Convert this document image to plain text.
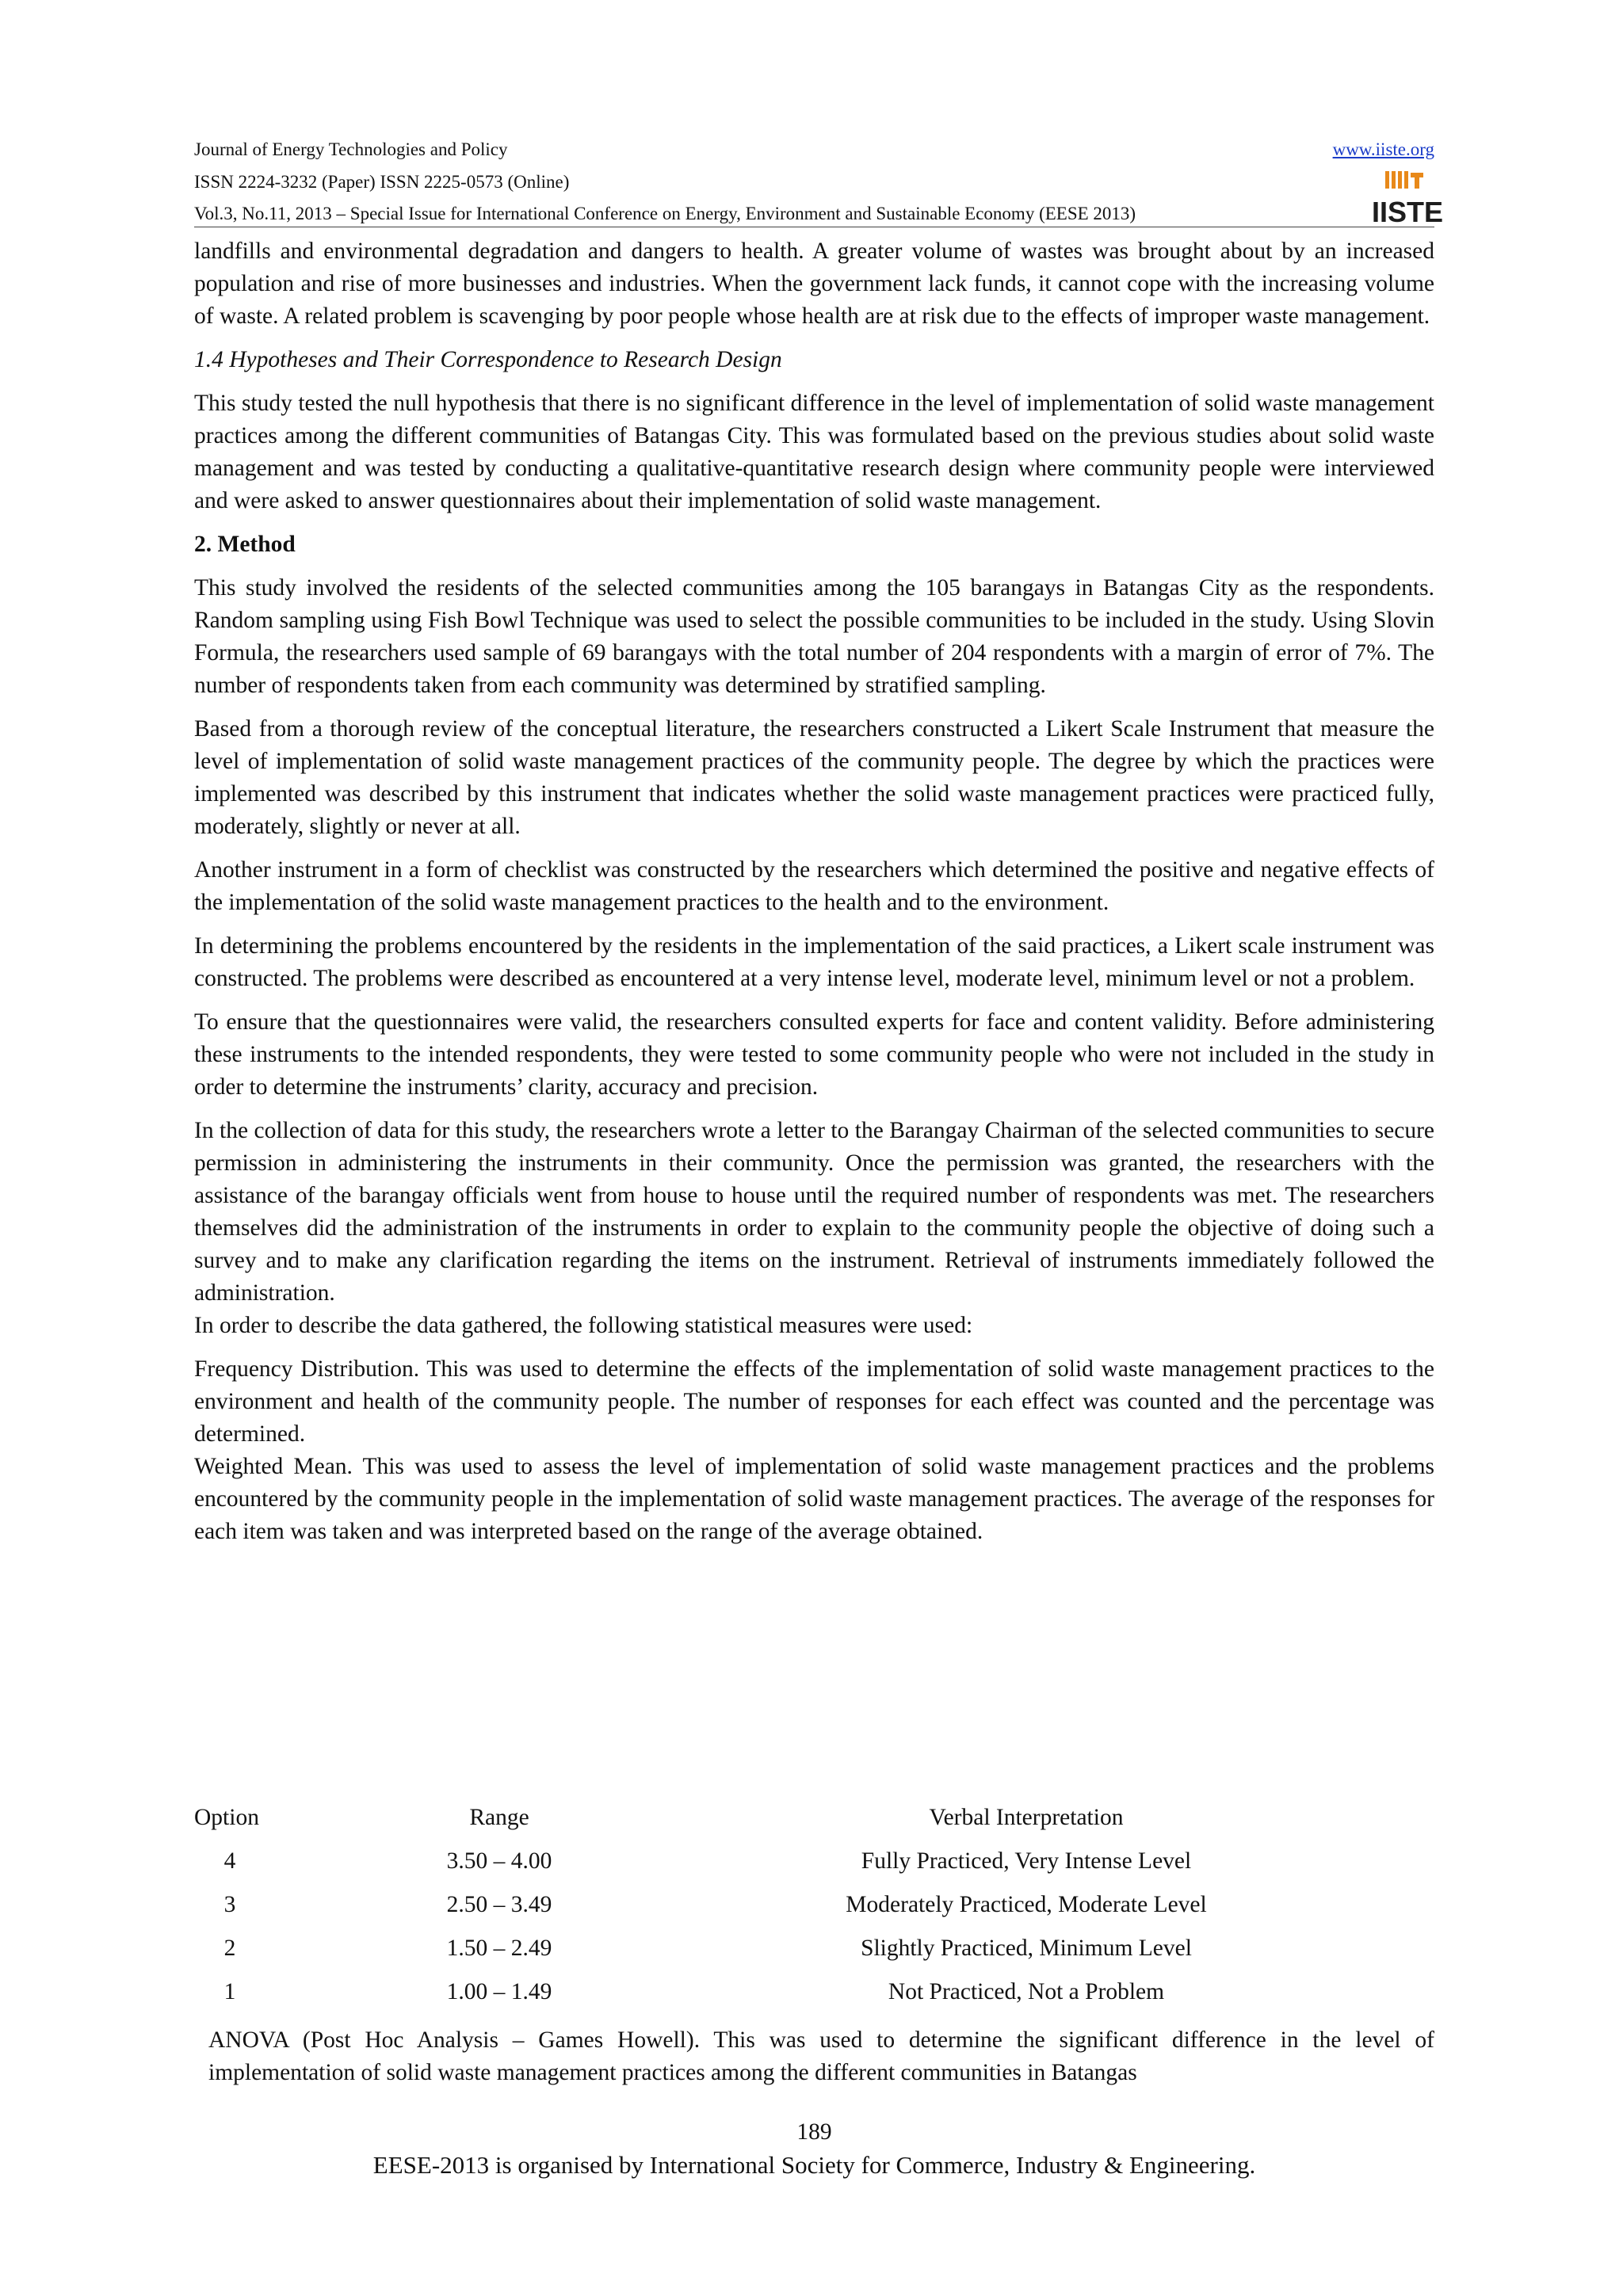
Journal of Energy Technologies and Policy	www.iiste.org
ISSN 2224-3232 (Paper) ISSN 2225-0573 (Online)
Vol.3, No.11, 2013 – Special Issue for International Conference on Energy, Environment and Sustainable Economy (EESE 2013)	IISTE

landfills and environmental degradation and dangers to health. A greater volume of wastes was brought about by an increased population and rise of more businesses and industries. When the government lack funds, it cannot cope with the increasing volume of waste. A related problem is scavenging by poor people whose health are at risk due to the effects of improper waste management.

1.4 Hypotheses and Their Correspondence to Research Design

This study tested the null hypothesis that there is no significant difference in the level of implementation of solid waste management practices among the different communities of Batangas City. This was formulated based on the previous studies about solid waste management and was tested by conducting a qualitative-quantitative research design where community people were interviewed and were asked to answer questionnaires about their implementation of solid waste management.

2. Method

This study involved the residents of the selected communities among the 105 barangays in Batangas City as the respondents. Random sampling using Fish Bowl Technique was used to select the possible communities to be included in the study. Using Slovin Formula, the researchers used sample of 69 barangays with the total number of 204 respondents with a margin of error of 7%. The number of respondents taken from each community was determined by stratified sampling.

Based from a thorough review of the conceptual literature, the researchers constructed a Likert Scale Instrument that measure the level of implementation of solid waste management practices of the community people. The degree by which the practices were implemented was described by this instrument that indicates whether the solid waste management practices were practiced fully, moderately, slightly or never at all.

Another instrument in a form of checklist was constructed by the researchers which determined the positive and negative effects of the implementation of the solid waste management practices to the health and to the environment.

In determining the problems encountered by the residents in the implementation of the said practices, a Likert scale instrument was constructed. The problems were described as encountered at a very intense level, moderate level, minimum level or not a problem.

To ensure that the questionnaires were valid, the researchers consulted experts for face and content validity. Before administering these instruments to the intended respondents, they were tested to some community people who were not included in the study in order to determine the instruments’ clarity, accuracy and precision.

In the collection of data for this study, the researchers wrote a letter to the Barangay Chairman of the selected communities to secure permission in administering the instruments in their community. Once the permission was granted, the researchers with the assistance of the barangay officials went from house to house until the required number of respondents was met. The researchers themselves did the administration of the instruments in order to explain to the community people the objective of doing such a survey and to make any clarification regarding the items on the instrument. Retrieval of instruments immediately followed the administration.

In order to describe the data gathered, the following statistical measures were used:

Frequency Distribution. This was used to determine the effects of the implementation of solid waste management practices to the environment and health of the community people. The number of responses for each effect was counted and the percentage was determined.

Weighted Mean. This was used to assess the level of implementation of solid waste management practices and the problems encountered by the community people in the implementation of solid waste management practices. The average of the responses for each item was taken and was interpreted based on the range of the average obtained.

Option	Range	Verbal Interpretation
4	3.50 – 4.00	Fully Practiced, Very Intense Level
3	2.50 – 3.49	Moderately Practiced, Moderate Level
2	1.50 – 2.49	Slightly Practiced, Minimum Level
1	1.00 – 1.49	Not Practiced, Not a Problem
ANOVA (Post Hoc Analysis – Games Howell). This was used to determine the significant difference in the level of implementation of solid waste management practices among the different communities in Batangas
189
EESE-2013 is organised by International Society for Commerce, Industry & Engineering.
